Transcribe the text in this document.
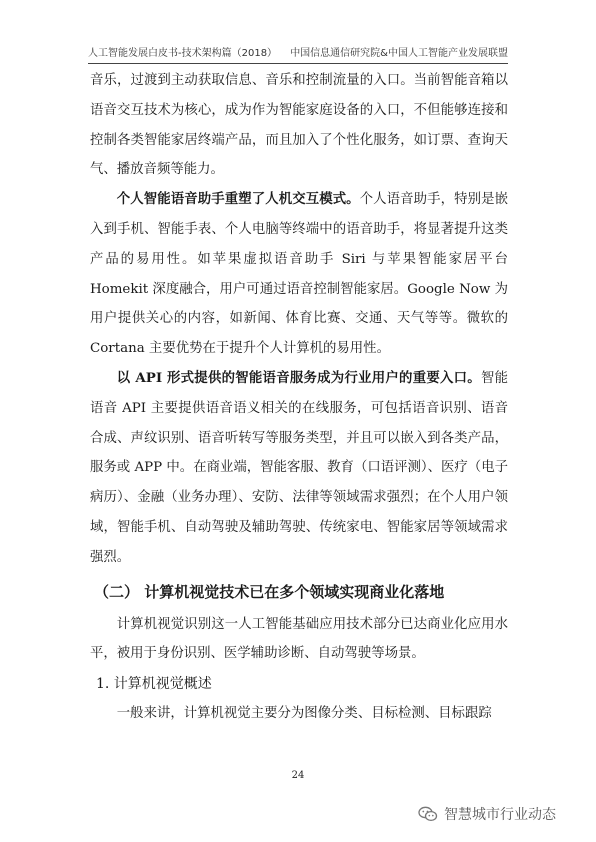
人工智能发展白皮书-技术架构篇（2018） 中国信息通信研究院&中国人工智能产业发展联盟

音乐，过渡到主动获取信息、音乐和控制流量的入口。当前智能音箱以语音交互技术为核心，成为作为智能家庭设备的入口，不但能够连接和控制各类智能家居终端产品，而且加入了个性化服务，如订票、查询天气、播放音频等能力。

个人智能语音助手重塑了人机交互模式。个人语音助手，特别是嵌入到手机、智能手表、个人电脑等终端中的语音助手，将显著提升这类产品的易用性。如苹果虚拟语音助手 Siri 与苹果智能家居平台 Homekit 深度融合，用户可通过语音控制智能家居。Google Now 为用户提供关心的内容，如新闻、体育比赛、交通、天气等等。微软的 Cortana 主要优势在于提升个人计算机的易用性。

以 API 形式提供的智能语音服务成为行业用户的重要入口。智能语音 API 主要提供语音语义相关的在线服务，可包括语音识别、语音合成、声纹识别、语音听转写等服务类型，并且可以嵌入到各类产品，服务或 APP 中。在商业端，智能客服、教育（口语评测）、医疗（电子病历）、金融（业务办理）、安防、法律等领域需求强烈；在个人用户领域，智能手机、自动驾驶及辅助驾驶、传统家电、智能家居等领域需求强烈。

（二） 计算机视觉技术已在多个领域实现商业化落地

计算机视觉识别这一人工智能基础应用技术部分已达商业化应用水平，被用于身份识别、医学辅助诊断、自动驾驶等场景。

1. 计算机视觉概述

一般来讲，计算机视觉主要分为图像分类、目标检测、目标跟踪

24
智慧城市行业动态
